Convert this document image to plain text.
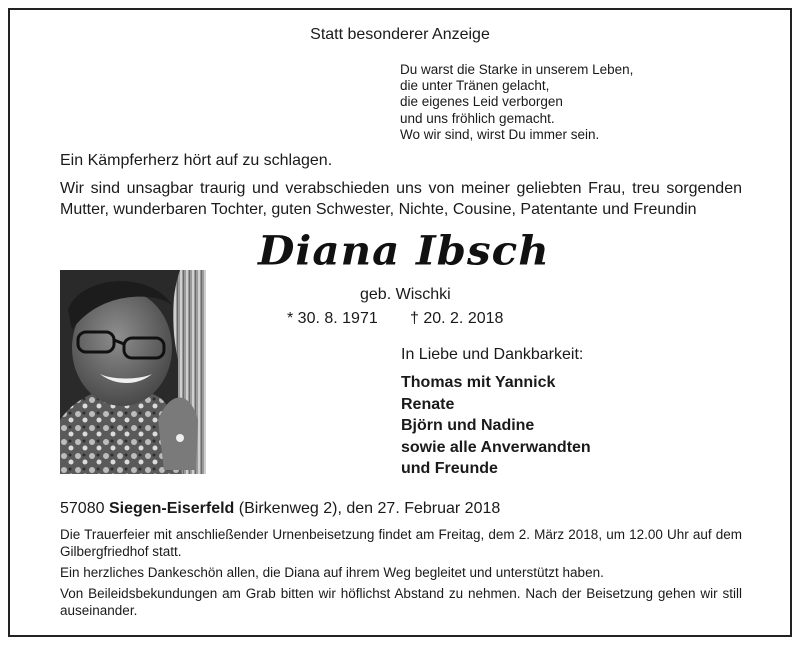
Statt besonderer Anzeige
Du warst die Starke in unserem Leben,
die unter Tränen gelacht,
die eigenes Leid verborgen
und uns fröhlich gemacht.
Wo wir sind, wirst Du immer sein.
Ein Kämpferherz hört auf zu schlagen.
Wir sind unsagbar traurig und verabschieden uns von meiner geliebten Frau, treu sorgenden Mutter, wunderbaren Tochter, guten Schwester, Nichte, Cousine, Patentante und Freundin
Diana Ibsch
geb. Wischki
* 30. 8. 1971 † 20. 2. 2018
In Liebe und Dankbarkeit:
Thomas mit Yannick
Renate
Björn und Nadine
sowie alle Anverwandten
und Freunde
57080 Siegen-Eiserfeld (Birkenweg 2), den 27. Februar 2018
Die Trauerfeier mit anschließender Urnenbeisetzung findet am Freitag, dem 2. März 2018, um 12.00 Uhr auf dem Gilbergfriedhof statt.
Ein herzliches Dankeschön allen, die Diana auf ihrem Weg begleitet und unterstützt haben.
Von Beileidsbekundungen am Grab bitten wir höflichst Abstand zu nehmen. Nach der Beisetzung gehen wir still auseinander.
